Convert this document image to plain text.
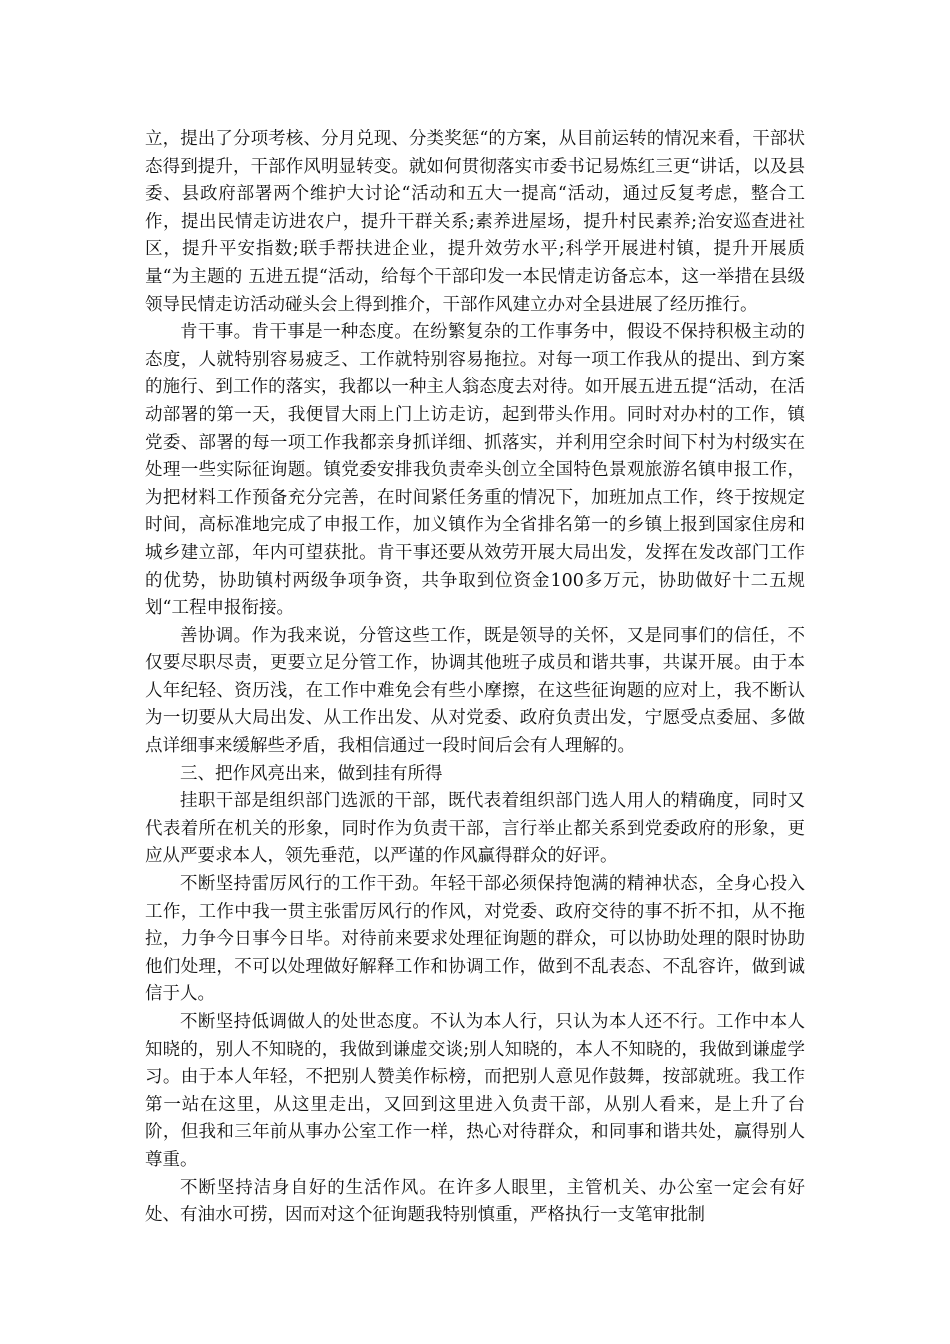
立，提出了分项考核、分月兑现、分类奖惩“的方案，从目前运转的情况来看，干部状态得到提升，干部作风明显转变。就如何贯彻落实市委书记易炼红三更“讲话，以及县委、县政府部署两个维护大讨论“活动和五大一提高“活动，通过反复考虑，整合工作，提出民情走访进农户，提升干群关系;素养进屋场，提升村民素养;治安巡查进社区，提升平安指数;联手帮扶进企业，提升效劳水平;科学开展进村镇，提升开展质量“为主题的 五进五提“活动，给每个干部印发一本民情走访备忘本，这一举措在县级领导民情走访活动碰头会上得到推介，干部作风建立办对全县进展了经历推行。

肯干事。肯干事是一种态度。在纷繁复杂的工作事务中，假设不保持积极主动的态度，人就特别容易疲乏、工作就特别容易拖拉。对每一项工作我从的提出、到方案的施行、到工作的落实，我都以一种主人翁态度去对待。如开展五进五提“活动，在活动部署的第一天，我便冒大雨上门上访走访，起到带头作用。同时对办村的工作，镇党委、部署的每一项工作我都亲身抓详细、抓落实，并利用空余时间下村为村级实在处理一些实际征询题。镇党委安排我负责牵头创立全国特色景观旅游名镇申报工作，为把材料工作预备充分完善，在时间紧任务重的情况下，加班加点工作，终于按规定时间，高标准地完成了申报工作，加义镇作为全省排名第一的乡镇上报到国家住房和城乡建立部，年内可望获批。肯干事还要从效劳开展大局出发，发挥在发改部门工作的优势，协助镇村两级争项争资，共争取到位资金100多万元，协助做好十二五规划“工程申报衔接。

善协调。作为我来说，分管这些工作，既是领导的关怀，又是同事们的信任，不仅要尽职尽责，更要立足分管工作，协调其他班子成员和谐共事，共谋开展。由于本人年纪轻、资历浅，在工作中难免会有些小摩擦，在这些征询题的应对上，我不断认为一切要从大局出发、从工作出发、从对党委、政府负责出发，宁愿受点委屈、多做点详细事来缓解些矛盾，我相信通过一段时间后会有人理解的。

三、把作风亮出来，做到挂有所得

挂职干部是组织部门选派的干部，既代表着组织部门选人用人的精确度，同时又代表着所在机关的形象，同时作为负责干部，言行举止都关系到党委政府的形象，更应从严要求本人，领先垂范，以严谨的作风赢得群众的好评。

不断坚持雷厉风行的工作干劲。年轻干部必须保持饱满的精神状态，全身心投入工作，工作中我一贯主张雷厉风行的作风，对党委、政府交待的事不折不扣，从不拖拉，力争今日事今日毕。对待前来要求处理征询题的群众，可以协助处理的限时协助他们处理，不可以处理做好解释工作和协调工作，做到不乱表态、不乱容许，做到诚信于人。

不断坚持低调做人的处世态度。不认为本人行，只认为本人还不行。工作中本人知晓的，别人不知晓的，我做到谦虚交谈;别人知晓的，本人不知晓的，我做到谦虚学习。由于本人年轻，不把别人赞美作标榜，而把别人意见作鼓舞，按部就班。我工作第一站在这里，从这里走出，又回到这里进入负责干部，从别人看来，是上升了台阶，但我和三年前从事办公室工作一样，热心对待群众，和同事和谐共处，赢得别人尊重。

不断坚持洁身自好的生活作风。在许多人眼里，主管机关、办公室一定会有好处、有油水可捞，因而对这个征询题我特别慎重，严格执行一支笔审批制
